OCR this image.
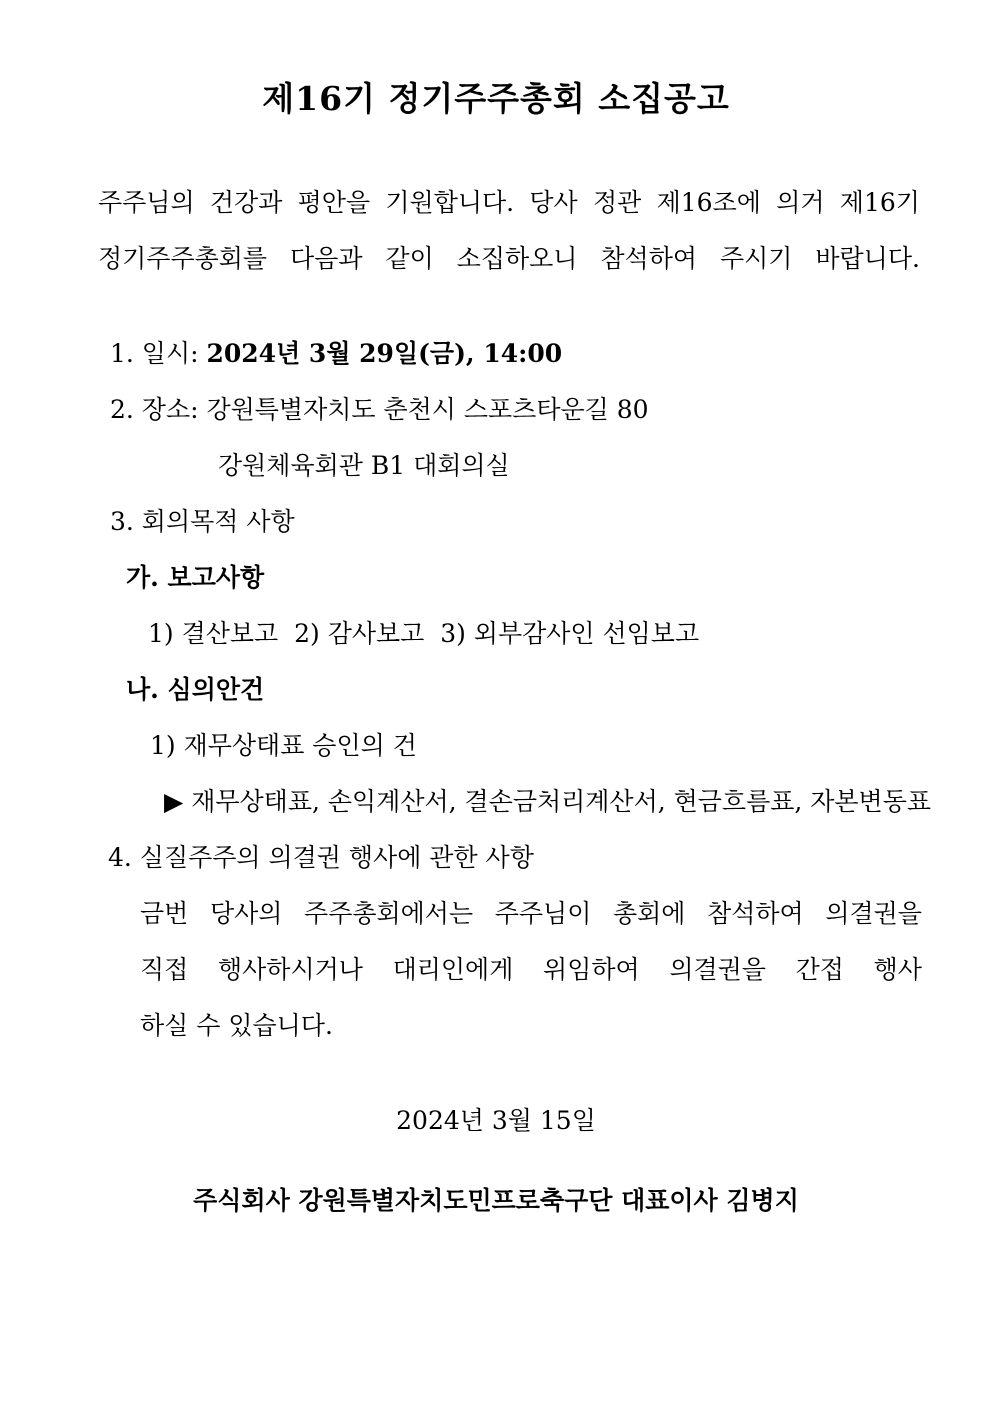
제16기 정기주주총회 소집공고
주주님의 건강과 평안을 기원합니다. 당사 정관 제16조에 의거 제16기
정기주주총회를 다음과 같이 소집하오니 참석하여 주시기 바랍니다.
1. 일시: 2024년 3월 29일(금), 14:00
2. 장소: 강원특별자치도 춘천시 스포츠타운길 80
강원체육회관 B1 대회의실
3. 회의목적 사항
가. 보고사항
1) 결산보고  2) 감사보고  3) 외부감사인 선임보고
나. 심의안건
1) 재무상태표 승인의 건
▶ 재무상태표, 손익계산서, 결손금처리계산서, 현금흐름표, 자본변동표
4. 실질주주의 의결권 행사에 관한 사항
금번 당사의 주주총회에서는 주주님이 총회에 참석하여 의결권을
직접 행사하시거나 대리인에게 위임하여 의결권을 간접 행사
하실 수 있습니다.
2024년 3월 15일
주식회사 강원특별자치도민프로축구단 대표이사 김병지
